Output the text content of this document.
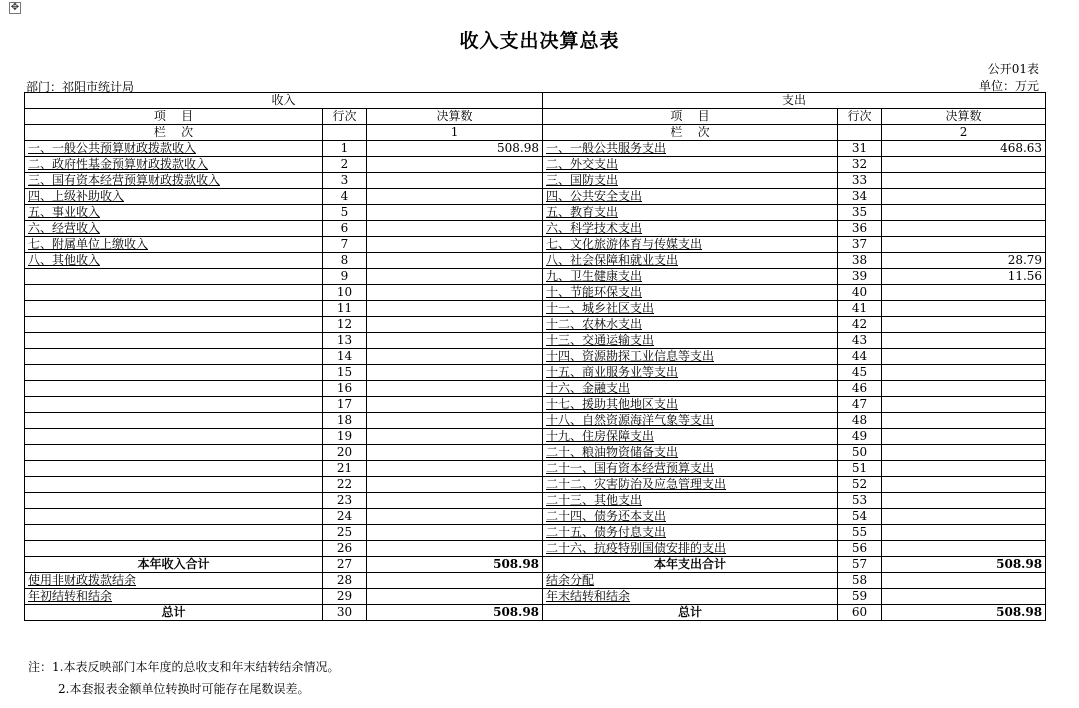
✥
收入支出决算总表
公开01表
部门：祁阳市统计局	单位：万元
收入			支出		
项    目	行次	决算数	项    目	行次	决算数
栏    次		1	栏    次		2
一、一般公共预算财政拨款收入	1	508.98	一、一般公共服务支出	31	468.63
二、政府性基金预算财政拨款收入	2		二、外交支出	32	
三、国有资本经营预算财政拨款收入	3		三、国防支出	33	
四、上级补助收入	4		四、公共安全支出	34	
五、事业收入	5		五、教育支出	35	
六、经营收入	6		六、科学技术支出	36	
七、附属单位上缴收入	7		七、文化旅游体育与传媒支出	37	
八、其他收入	8		八、社会保障和就业支出	38	28.79
	9		九、卫生健康支出	39	11.56
	10		十、节能环保支出	40	
	11		十一、城乡社区支出	41	
	12		十二、农林水支出	42	
	13		十三、交通运输支出	43	
	14		十四、资源勘探工业信息等支出	44	
	15		十五、商业服务业等支出	45	
	16		十六、金融支出	46	
	17		十七、援助其他地区支出	47	
	18		十八、自然资源海洋气象等支出	48	
	19		十九、住房保障支出	49	
	20		二十、粮油物资储备支出	50	
	21		二十一、国有资本经营预算支出	51	
	22		二十二、灾害防治及应急管理支出	52	
	23		二十三、其他支出	53	
	24		二十四、债务还本支出	54	
	25		二十五、债务付息支出	55	
	26		二十六、抗疫特别国债安排的支出	56	
本年收入合计	27	508.98	本年支出合计	57	508.98
使用非财政拨款结余	28		结余分配	58	
年初结转和结余	29		年末结转和结余	59	
总计	30	508.98	总计	60	508.98
注：1.本表反映部门本年度的总收支和年末结转结余情况。
2.本套报表金额单位转换时可能存在尾数误差。
